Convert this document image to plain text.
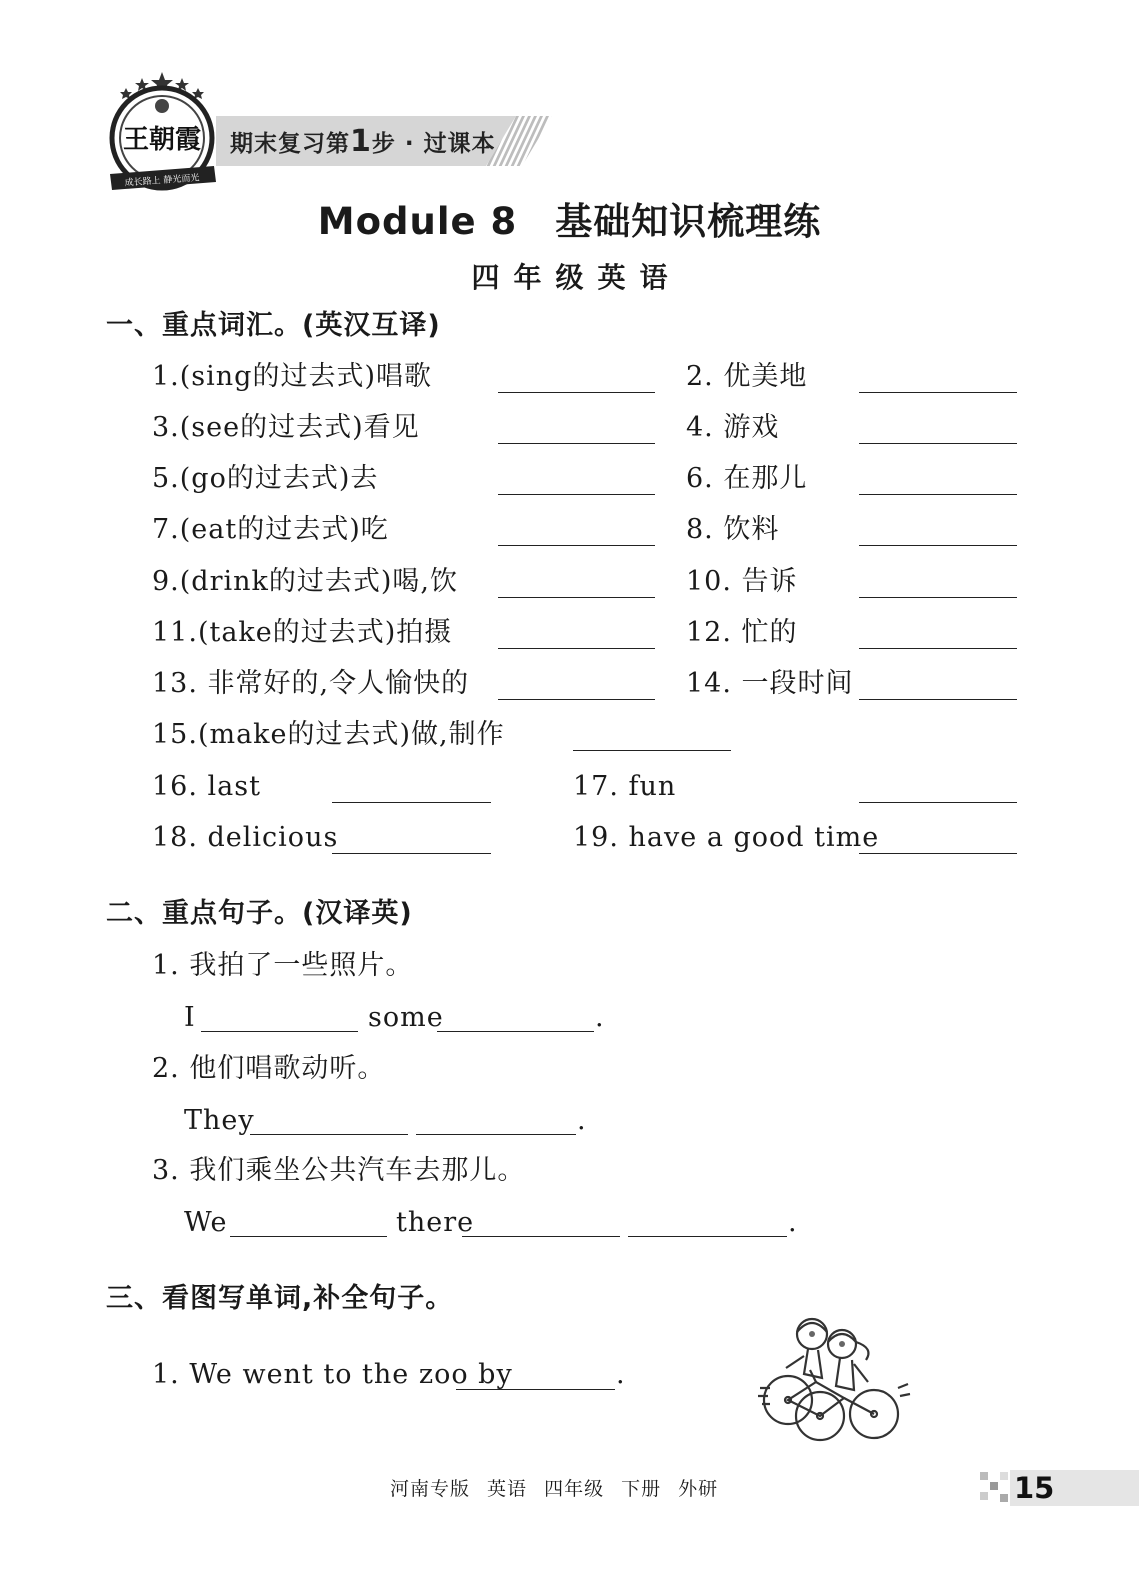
王朝霞
成长路上 静光而光
期末复习第1步 · 过课本
Module 8　基础知识梳理练
四年级英语
一、重点词汇。(英汉互译)
1.(sing的过去式)唱歌	2. 优美地
3.(see的过去式)看见	4. 游戏
5.(go的过去式)去	6. 在那儿
7.(eat的过去式)吃	8. 饮料
9.(drink的过去式)喝,饮	10. 告诉
11.(take的过去式)拍摄	12. 忙的
13. 非常好的,令人愉快的	14. 一段时间
15.(make的过去式)做,制作
16. last	17. fun
18. delicious	19. have a good time
二、重点句子。(汉译英)
1. 我拍了一些照片。
I	some	.
2. 他们唱歌动听。
They	.
3. 我们乘坐公共汽车去那儿。
We	there	.
三、看图写单词,补全句子。
1. We went to the zoo by	.
河南专版 英语 四年级 下册 外研	15
